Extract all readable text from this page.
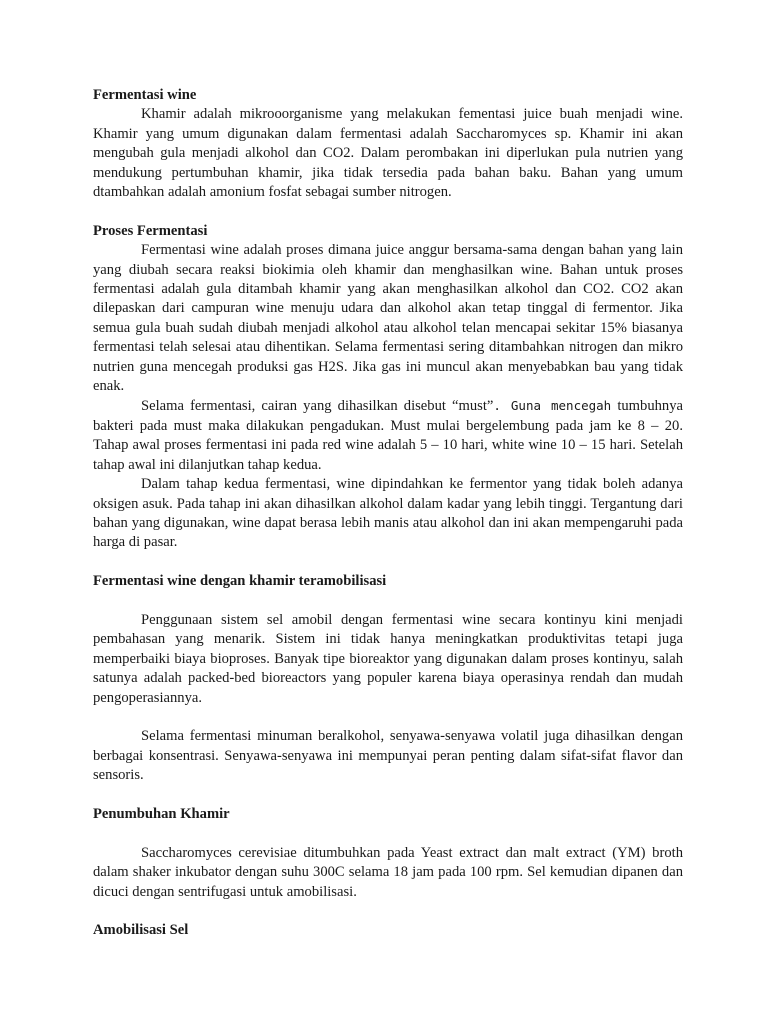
Fermentasi wine

Khamir adalah mikrooorganisme yang melakukan fementasi juice buah menjadi wine. Khamir yang umum digunakan dalam fermentasi adalah Saccharomyces sp. Khamir ini akan mengubah gula menjadi alkohol dan CO2. Dalam perombakan ini diperlukan pula nutrien yang mendukung pertumbuhan khamir, jika tidak tersedia pada bahan baku. Bahan yang umum dtambahkan adalah amonium fosfat sebagai sumber nitrogen.

Proses Fermentasi

Fermentasi wine adalah proses dimana juice anggur bersama-sama dengan bahan yang lain yang diubah secara reaksi biokimia oleh khamir dan menghasilkan wine. Bahan untuk proses fermentasi adalah gula ditambah khamir yang akan menghasilkan alkohol dan CO2. CO2 akan dilepaskan dari campuran wine menuju udara dan alkohol akan tetap tinggal di fermentor. Jika semua gula buah sudah diubah menjadi alkohol atau alkohol telan mencapai sekitar 15% biasanya fermentasi telah selesai atau dihentikan. Selama fermentasi sering ditambahkan nitrogen dan mikro nutrien guna mencegah produksi gas H2S. Jika gas ini muncul akan menyebabkan bau yang tidak enak.

Selama fermentasi, cairan yang dihasilkan disebut “must”. Guna mencegah tumbuhnya bakteri pada must maka dilakukan pengadukan. Must mulai bergelembung pada jam ke 8 – 20. Tahap awal proses fermentasi ini pada red wine adalah 5 – 10 hari, white wine 10 – 15 hari. Setelah tahap awal ini dilanjutkan tahap kedua.

Dalam tahap kedua fermentasi, wine dipindahkan ke fermentor yang tidak boleh adanya oksigen asuk. Pada tahap ini akan dihasilkan alkohol dalam kadar yang lebih tinggi. Tergantung dari bahan yang digunakan, wine dapat berasa lebih manis atau alkohol dan ini akan mempengaruhi pada harga di pasar.

Fermentasi wine dengan khamir teramobilisasi

Penggunaan sistem sel amobil dengan fermentasi wine secara kontinyu kini menjadi pembahasan yang menarik. Sistem ini tidak hanya meningkatkan produktivitas tetapi juga memperbaiki biaya bioproses. Banyak tipe bioreaktor yang digunakan dalam proses kontinyu, salah satunya adalah packed-bed bioreactors yang populer karena biaya operasinya rendah dan mudah pengoperasiannya.

Selama fermentasi minuman beralkohol, senyawa-senyawa volatil juga dihasilkan dengan berbagai konsentrasi. Senyawa-senyawa ini mempunyai peran penting dalam sifat-sifat flavor dan sensoris.

Penumbuhan Khamir

Saccharomyces cerevisiae ditumbuhkan pada Yeast extract dan malt extract (YM) broth dalam shaker inkubator dengan suhu 300C selama 18 jam pada 100 rpm. Sel kemudian dipanen dan dicuci dengan sentrifugasi untuk amobilisasi.

Amobilisasi Sel
